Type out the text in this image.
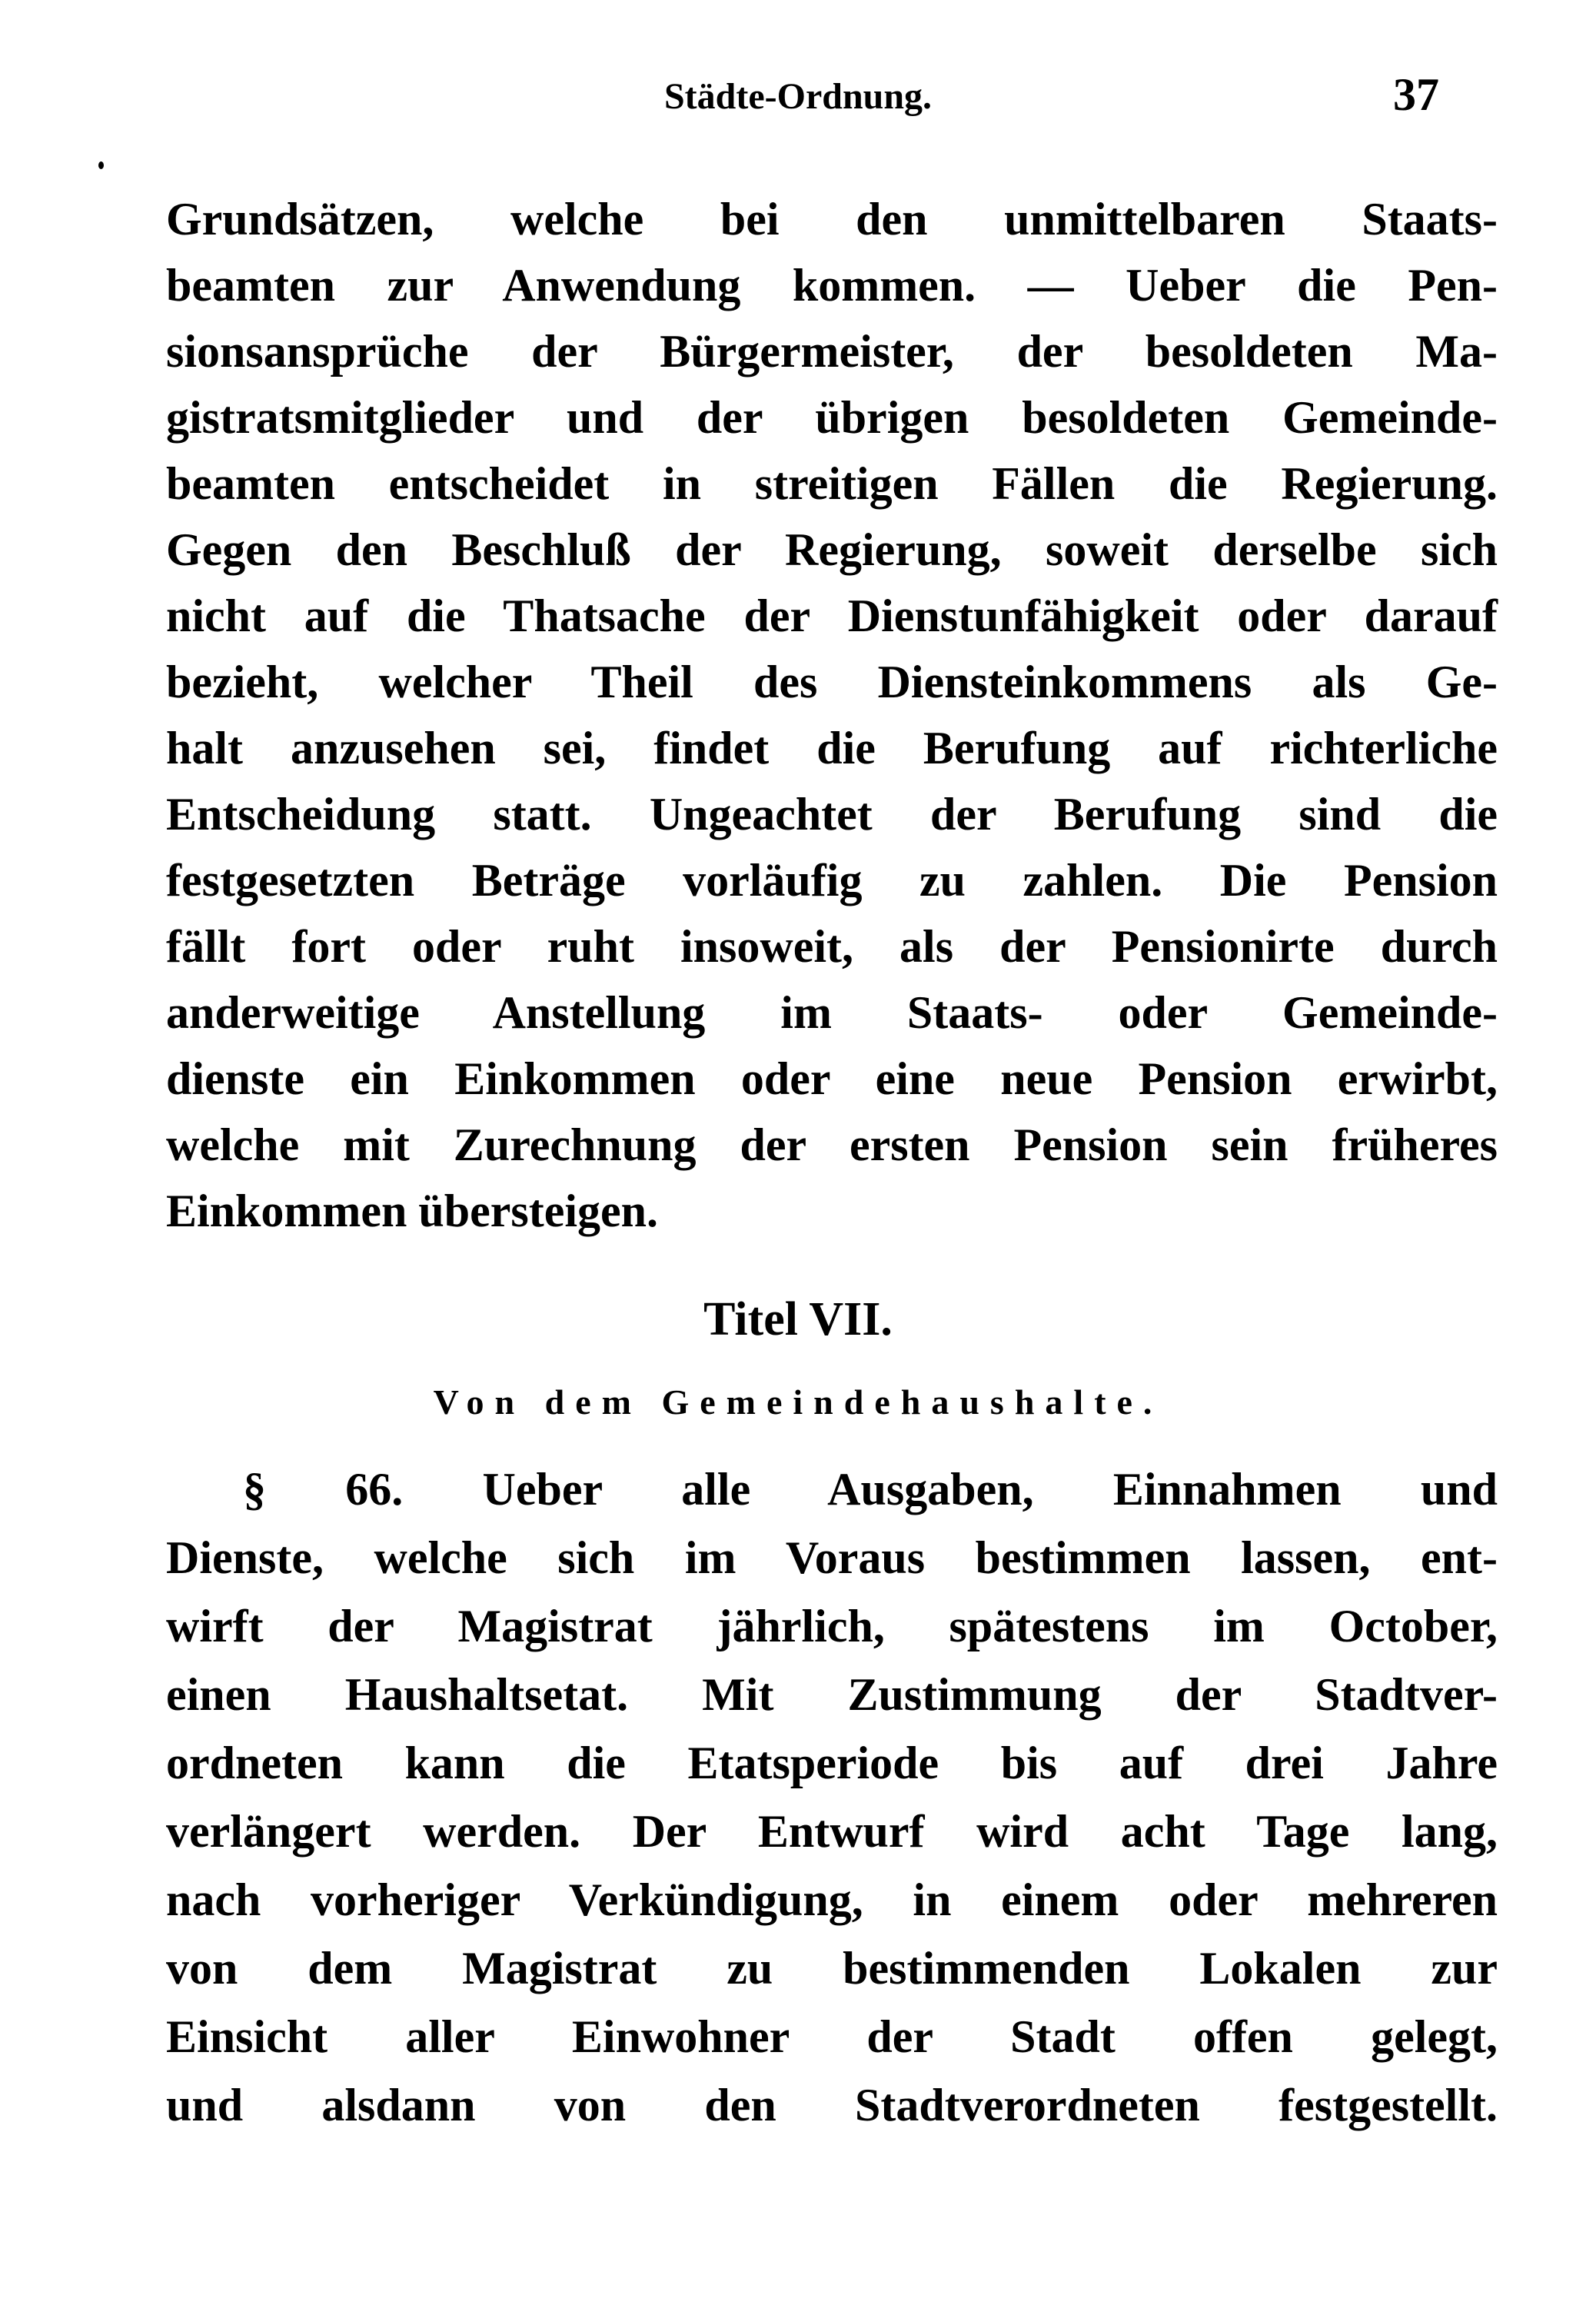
Städte-Ordnung.	37
Grundsätzen, welche bei den unmittelbaren Staats-
beamten zur Anwendung kommen. — Ueber die Pen-
sionsansprüche der Bürgermeister, der besoldeten Ma-
gistratsmitglieder und der übrigen besoldeten Gemeinde-
beamten entscheidet in streitigen Fällen die Regierung.
Gegen den Beschluß der Regierung, soweit derselbe sich
nicht auf die Thatsache der Dienstunfähigkeit oder darauf
bezieht, welcher Theil des Diensteinkommens als Ge-
halt anzusehen sei, findet die Berufung auf richterliche
Entscheidung statt. Ungeachtet der Berufung sind die
festgesetzten Beträge vorläufig zu zahlen. Die Pension
fällt fort oder ruht insoweit, als der Pensionirte durch
anderweitige Anstellung im Staats- oder Gemeinde-
dienste ein Einkommen oder eine neue Pension erwirbt,
welche mit Zurechnung der ersten Pension sein früheres
Einkommen übersteigen.
Titel VII.
Von dem Gemeindehaushalte.
§ 66. Ueber alle Ausgaben, Einnahmen und
Dienste, welche sich im Voraus bestimmen lassen, ent-
wirft der Magistrat jährlich, spätestens im October,
einen Haushaltsetat. Mit Zustimmung der Stadtver-
ordneten kann die Etatsperiode bis auf drei Jahre
verlängert werden. Der Entwurf wird acht Tage lang,
nach vorheriger Verkündigung, in einem oder mehreren
von dem Magistrat zu bestimmenden Lokalen zur
Einsicht aller Einwohner der Stadt offen gelegt,
und alsdann von den Stadtverordneten festgestellt.
